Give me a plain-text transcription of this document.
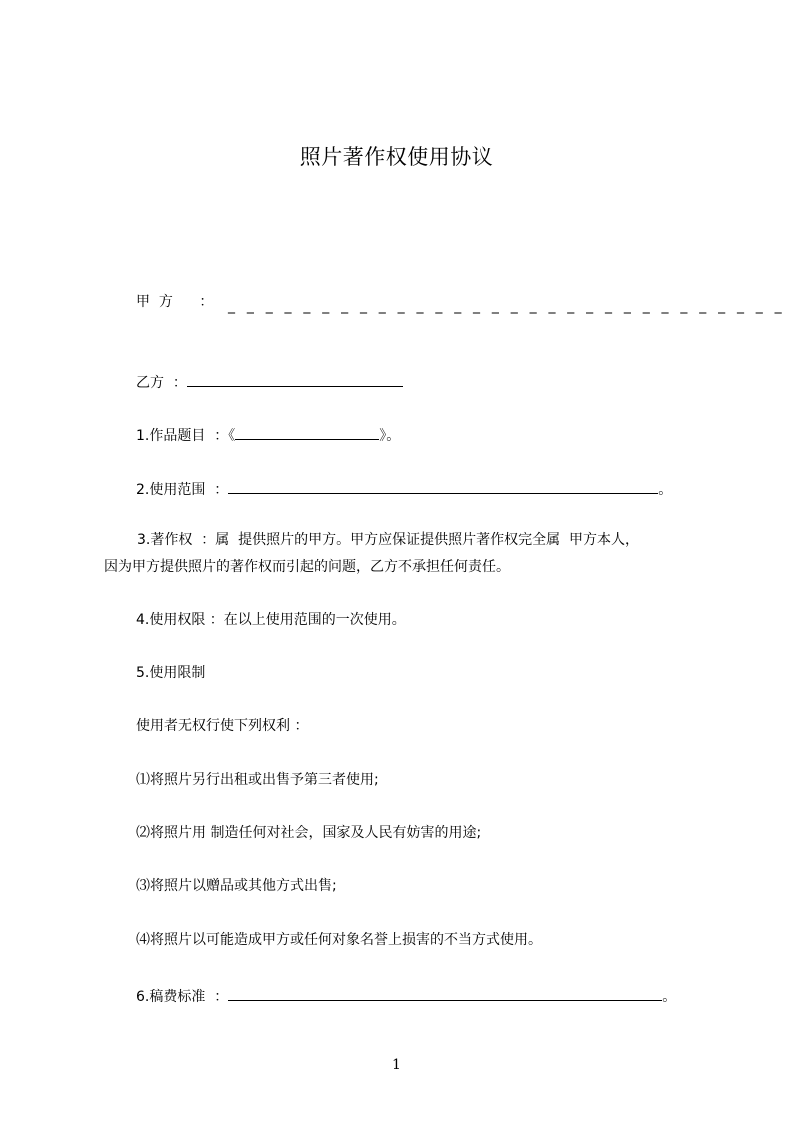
照片著作权使用协议
甲  方 ： _ _ _ _ _ _ _ _ _ _ _ _ _ _ _ _ _ _ _ _ _ _ _ _ _ _ _ _ _ _
乙方  ：
1.作品题目  ：《	》。
2.使用范围  ：	。
3.著作权  ：属  提供照片的甲方。甲方应保证提供照片著作权完全属  甲方本人，
因为甲方提供照片的著作权而引起的问题，乙方不承担任何责任。
4.使用权限 ：在以上使用范围的一次使用。
5.使用限制
使用者无权行使下列权利 ：
⑴将照片另行出租或出售予第三者使用;
⑵将照片用 制造任何对社会，国家及人民有妨害的用途;
⑶将照片以赠品或其他方式出售;
⑷将照片以可能造成甲方或任何对象名誉上损害的不当方式使用。
6.稿费标准  ：	。
1
